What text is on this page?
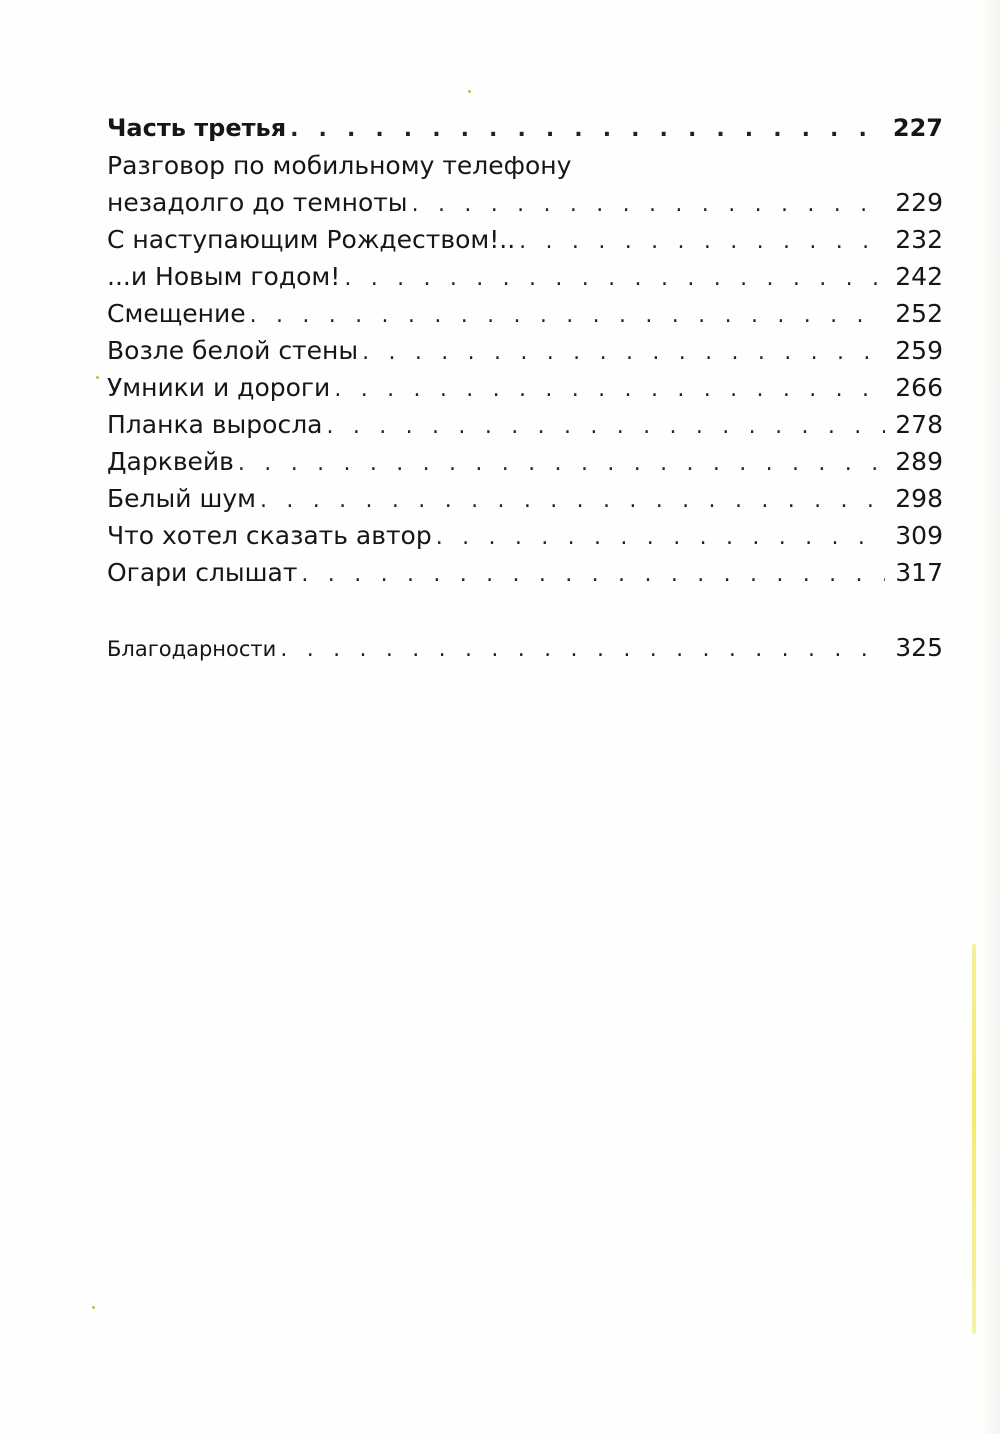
Часть третья . . .	227
Разговор по мобильному телефону
незадолго до темноты . . .	229
С наступающим Рождеством!.. . . .	232
...и Новым годом! . . .	242
Смещение . . .	252
Возле белой стены . . .	259
Умники и дороги . . .	266
Планка выросла . . .	278
Дарквейв . . .	289
Белый шум . . .	298
Что хотел сказать автор . . .	309
Огари слышат . . .	317
Благодарности . . .	325
